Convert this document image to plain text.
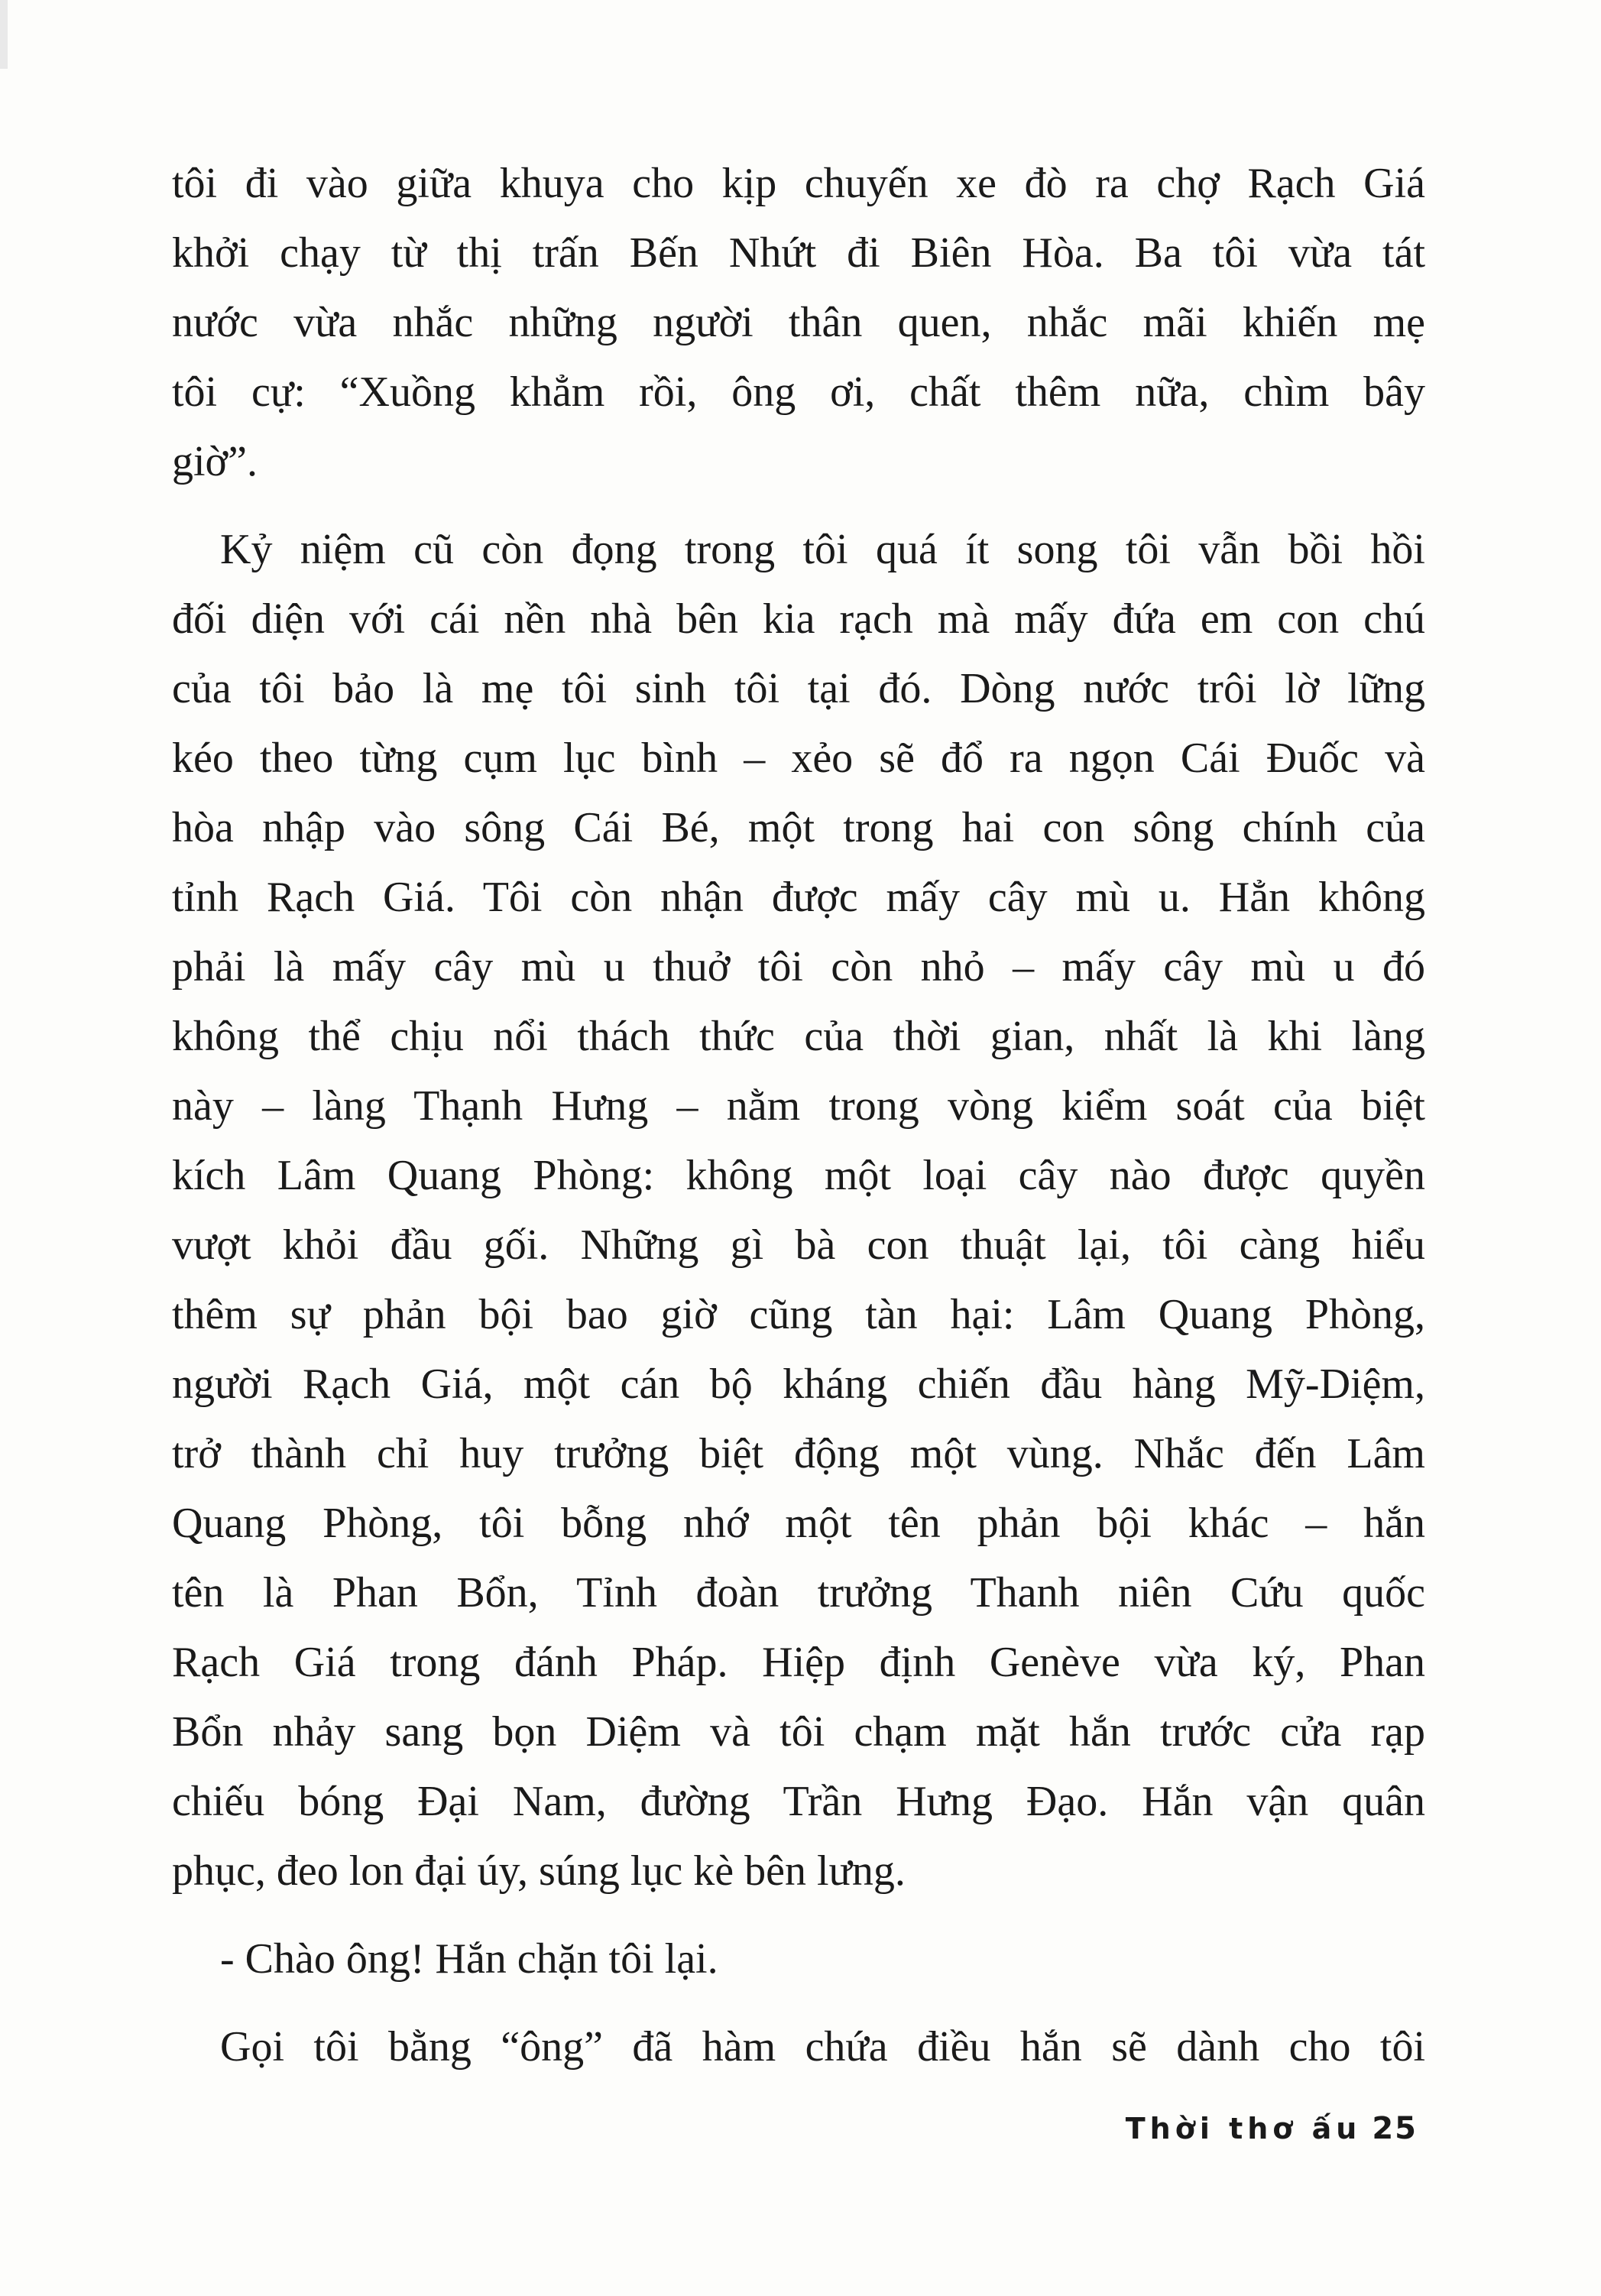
tôi đi vào giữa khuya cho kịp chuyến xe đò ra chợ Rạch Giá
khởi chạy từ thị trấn Bến Nhứt đi Biên Hòa. Ba tôi vừa tát
nước vừa nhắc những người thân quen, nhắc mãi khiến mẹ
tôi cự: “Xuồng khẳm rồi, ông ơi, chất thêm nữa, chìm bây
giờ”.
Kỷ niệm cũ còn đọng trong tôi quá ít song tôi vẫn bồi hồi
đối diện với cái nền nhà bên kia rạch mà mấy đứa em con chú
của tôi bảo là mẹ tôi sinh tôi tại đó. Dòng nước trôi lờ lững
kéo theo từng cụm lục bình – xẻo sẽ đổ ra ngọn Cái Đuốc và
hòa nhập vào sông Cái Bé, một trong hai con sông chính của
tỉnh Rạch Giá. Tôi còn nhận được mấy cây mù u. Hẳn không
phải là mấy cây mù u thuở tôi còn nhỏ – mấy cây mù u đó
không thể chịu nổi thách thức của thời gian, nhất là khi làng
này – làng Thạnh Hưng – nằm trong vòng kiểm soát của biệt
kích Lâm Quang Phòng: không một loại cây nào được quyền
vượt khỏi đầu gối. Những gì bà con thuật lại, tôi càng hiểu
thêm sự phản bội bao giờ cũng tàn hại: Lâm Quang Phòng,
người Rạch Giá, một cán bộ kháng chiến đầu hàng Mỹ-Diệm,
trở thành chỉ huy trưởng biệt động một vùng. Nhắc đến Lâm
Quang Phòng, tôi bỗng nhớ một tên phản bội khác – hắn
tên là Phan Bổn, Tỉnh đoàn trưởng Thanh niên Cứu quốc
Rạch Giá trong đánh Pháp. Hiệp định Genève vừa ký, Phan
Bổn nhảy sang bọn Diệm và tôi chạm mặt hắn trước cửa rạp
chiếu bóng Đại Nam, đường Trần Hưng Đạo. Hắn vận quân
phục, đeo lon đại úy, súng lục kè bên lưng.
- Chào ông! Hắn chặn tôi lại.
Gọi tôi bằng “ông” đã hàm chứa điều hắn sẽ dành cho tôi
Thời thơ ấu 25
